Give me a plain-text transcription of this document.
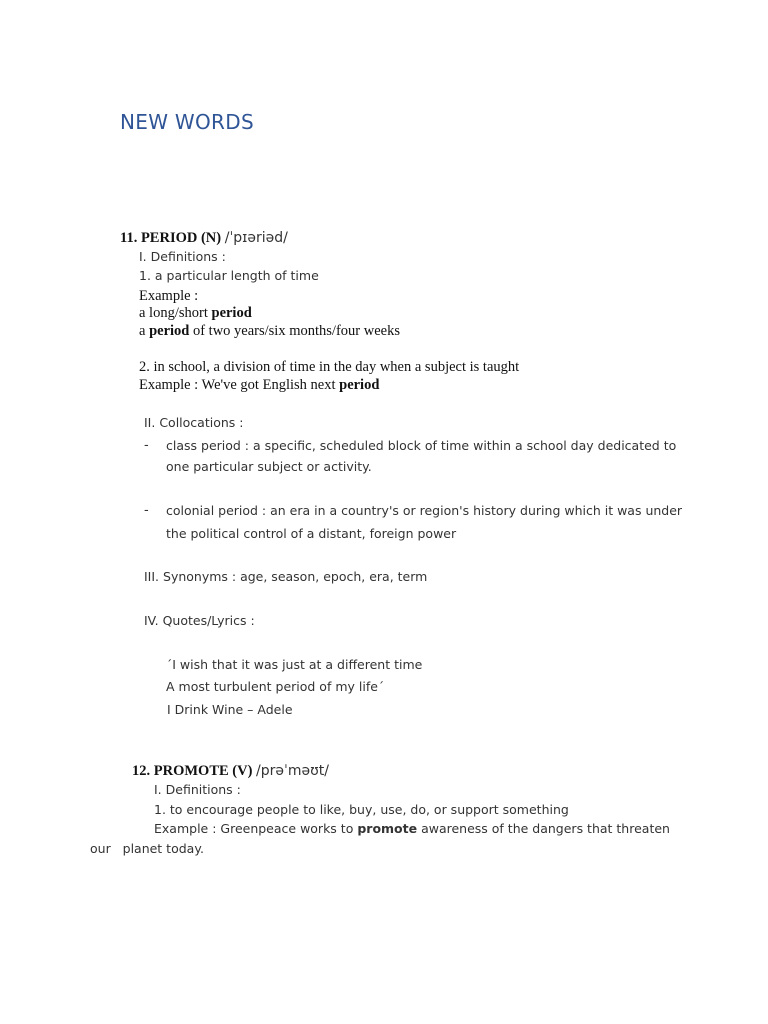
NEW WORDS
11. PERIOD (N) /ˈpɪəriəd/
I. Definitions :
1. a particular length of time
Example :
a long/short period
a period of two years/six months/four weeks
2. in school, a division of time in the day when a subject is taught
Example : We've got English next period
II. Collocations :
- class period : a specific, scheduled block of time within a school day dedicated to
one particular subject or activity.
- colonial period : an era in a country's or region's history during which it was under
the political control of a distant, foreign power
III. Synonyms : age, season, epoch, era, term
IV. Quotes/Lyrics :
´I wish that it was just at a different time
A most turbulent period of my life´
I Drink Wine – Adele
12. PROMOTE (V) /prəˈməʊt/
I. Definitions :
1. to encourage people to like, buy, use, do, or support something
Example : Greenpeace works to promote awareness of the dangers that threaten
our   planet today.
